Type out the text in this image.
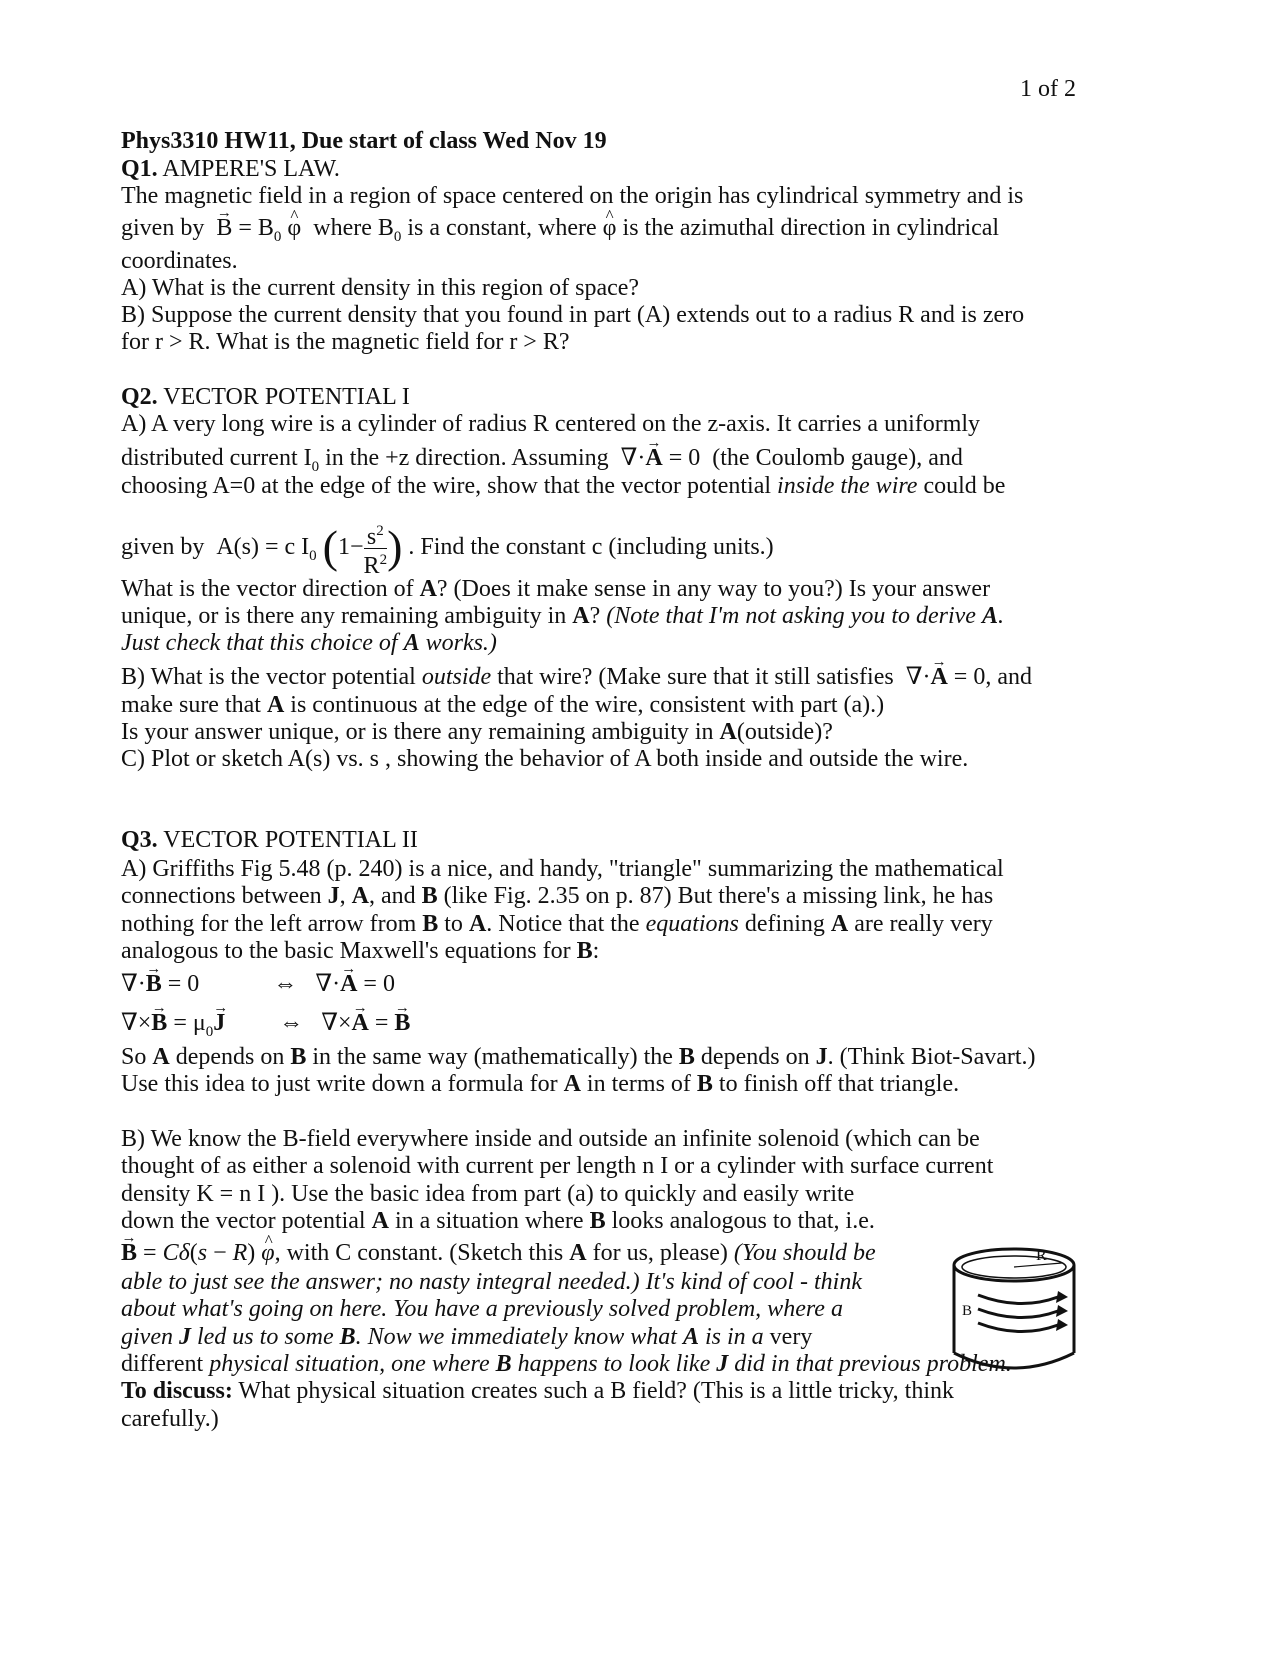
1 of 2
Phys3310 HW11, Due start of class Wed Nov 19
Q1. AMPERE'S LAW.
The magnetic field in a region of space centered on the origin has cylindrical symmetry and is
given by → $B = B_0$ ^ φ where $B_0$ is a constant, where ^ φ is the azimuthal direction in cylindrical
coordinates.
A) What is the current density in this region of space?
B) Suppose the current density that you found in part (A) extends out to a radius R and is zero
for r > R. What is the magnetic field for r > R?
Q2. VECTOR POTENTIAL I
A) A very long wire is a cylinder of radius R centered on the z-axis. It carries a uniformly
distributed current $I_0$ in the +z direction. Assuming  ∇·→ A = 0  (the Coulomb gauge), and
choosing A=0 at the edge of the wire, show that the vector potential inside the wire could be
given by  A(s) = c $I_0$ ($1- \frac{s^2}{R^2}$ ) . Find the constant c (including units.)
What is the vector direction of A? (Does it make sense in any way to you?) Is your answer
unique, or is there any remaining ambiguity in A? (Note that I'm not asking you to derive A.
Just check that this choice of A works.)
B) What is the vector potential outside that wire? (Make sure that it still satisfies  ∇·→ A = 0, and
make sure that A is continuous at the edge of the wire, consistent with part (a).)
Is your answer unique, or is there any remaining ambiguity in A(outside)?
C) Plot or sketch A(s) vs. s , showing the behavior of A both inside and outside the wire.
Q3. VECTOR POTENTIAL II
A) Griffiths Fig 5.48 (p. 240) is a nice, and handy, "triangle" summarizing the mathematical
connections between J, A, and B (like Fig. 2.35 on p. 87) But there's a missing link, he has
nothing for the left arrow from B to A. Notice that the equations defining A are really very
analogous to the basic Maxwell's equations for B:
∇·→ B = 0	⇔   ∇·→ A = 0
∇×→ $B = \mu_0\to J$ ⇔   ∇×→ A = → B
So A depends on B in the same way (mathematically) the B depends on J. (Think Biot-Savart.)
Use this idea to just write down a formula for A in terms of B to finish off that triangle.
B) We know the B-field everywhere inside and outside an infinite solenoid (which can be
thought of as either a solenoid with current per length n I or a cylinder with surface current
density K = n I ). Use the basic idea from part (a) to quickly and easily write
down the vector potential A in a situation where B looks analogous to that, i.e.
→ B = Cδ(s − R) ^ φ, with C constant. (Sketch this A for us, please) (You should be
able to just see the answer; no nasty integral needed.) It's kind of cool - think
about what's going on here. You have a previously solved problem, where a
given J led us to some B. Now we immediately know what A is in a very
different physical situation, one where B happens to look like J did in that previous problem.
To discuss: What physical situation creates such a B field? (This is a little tricky, think
carefully.)
R
B
